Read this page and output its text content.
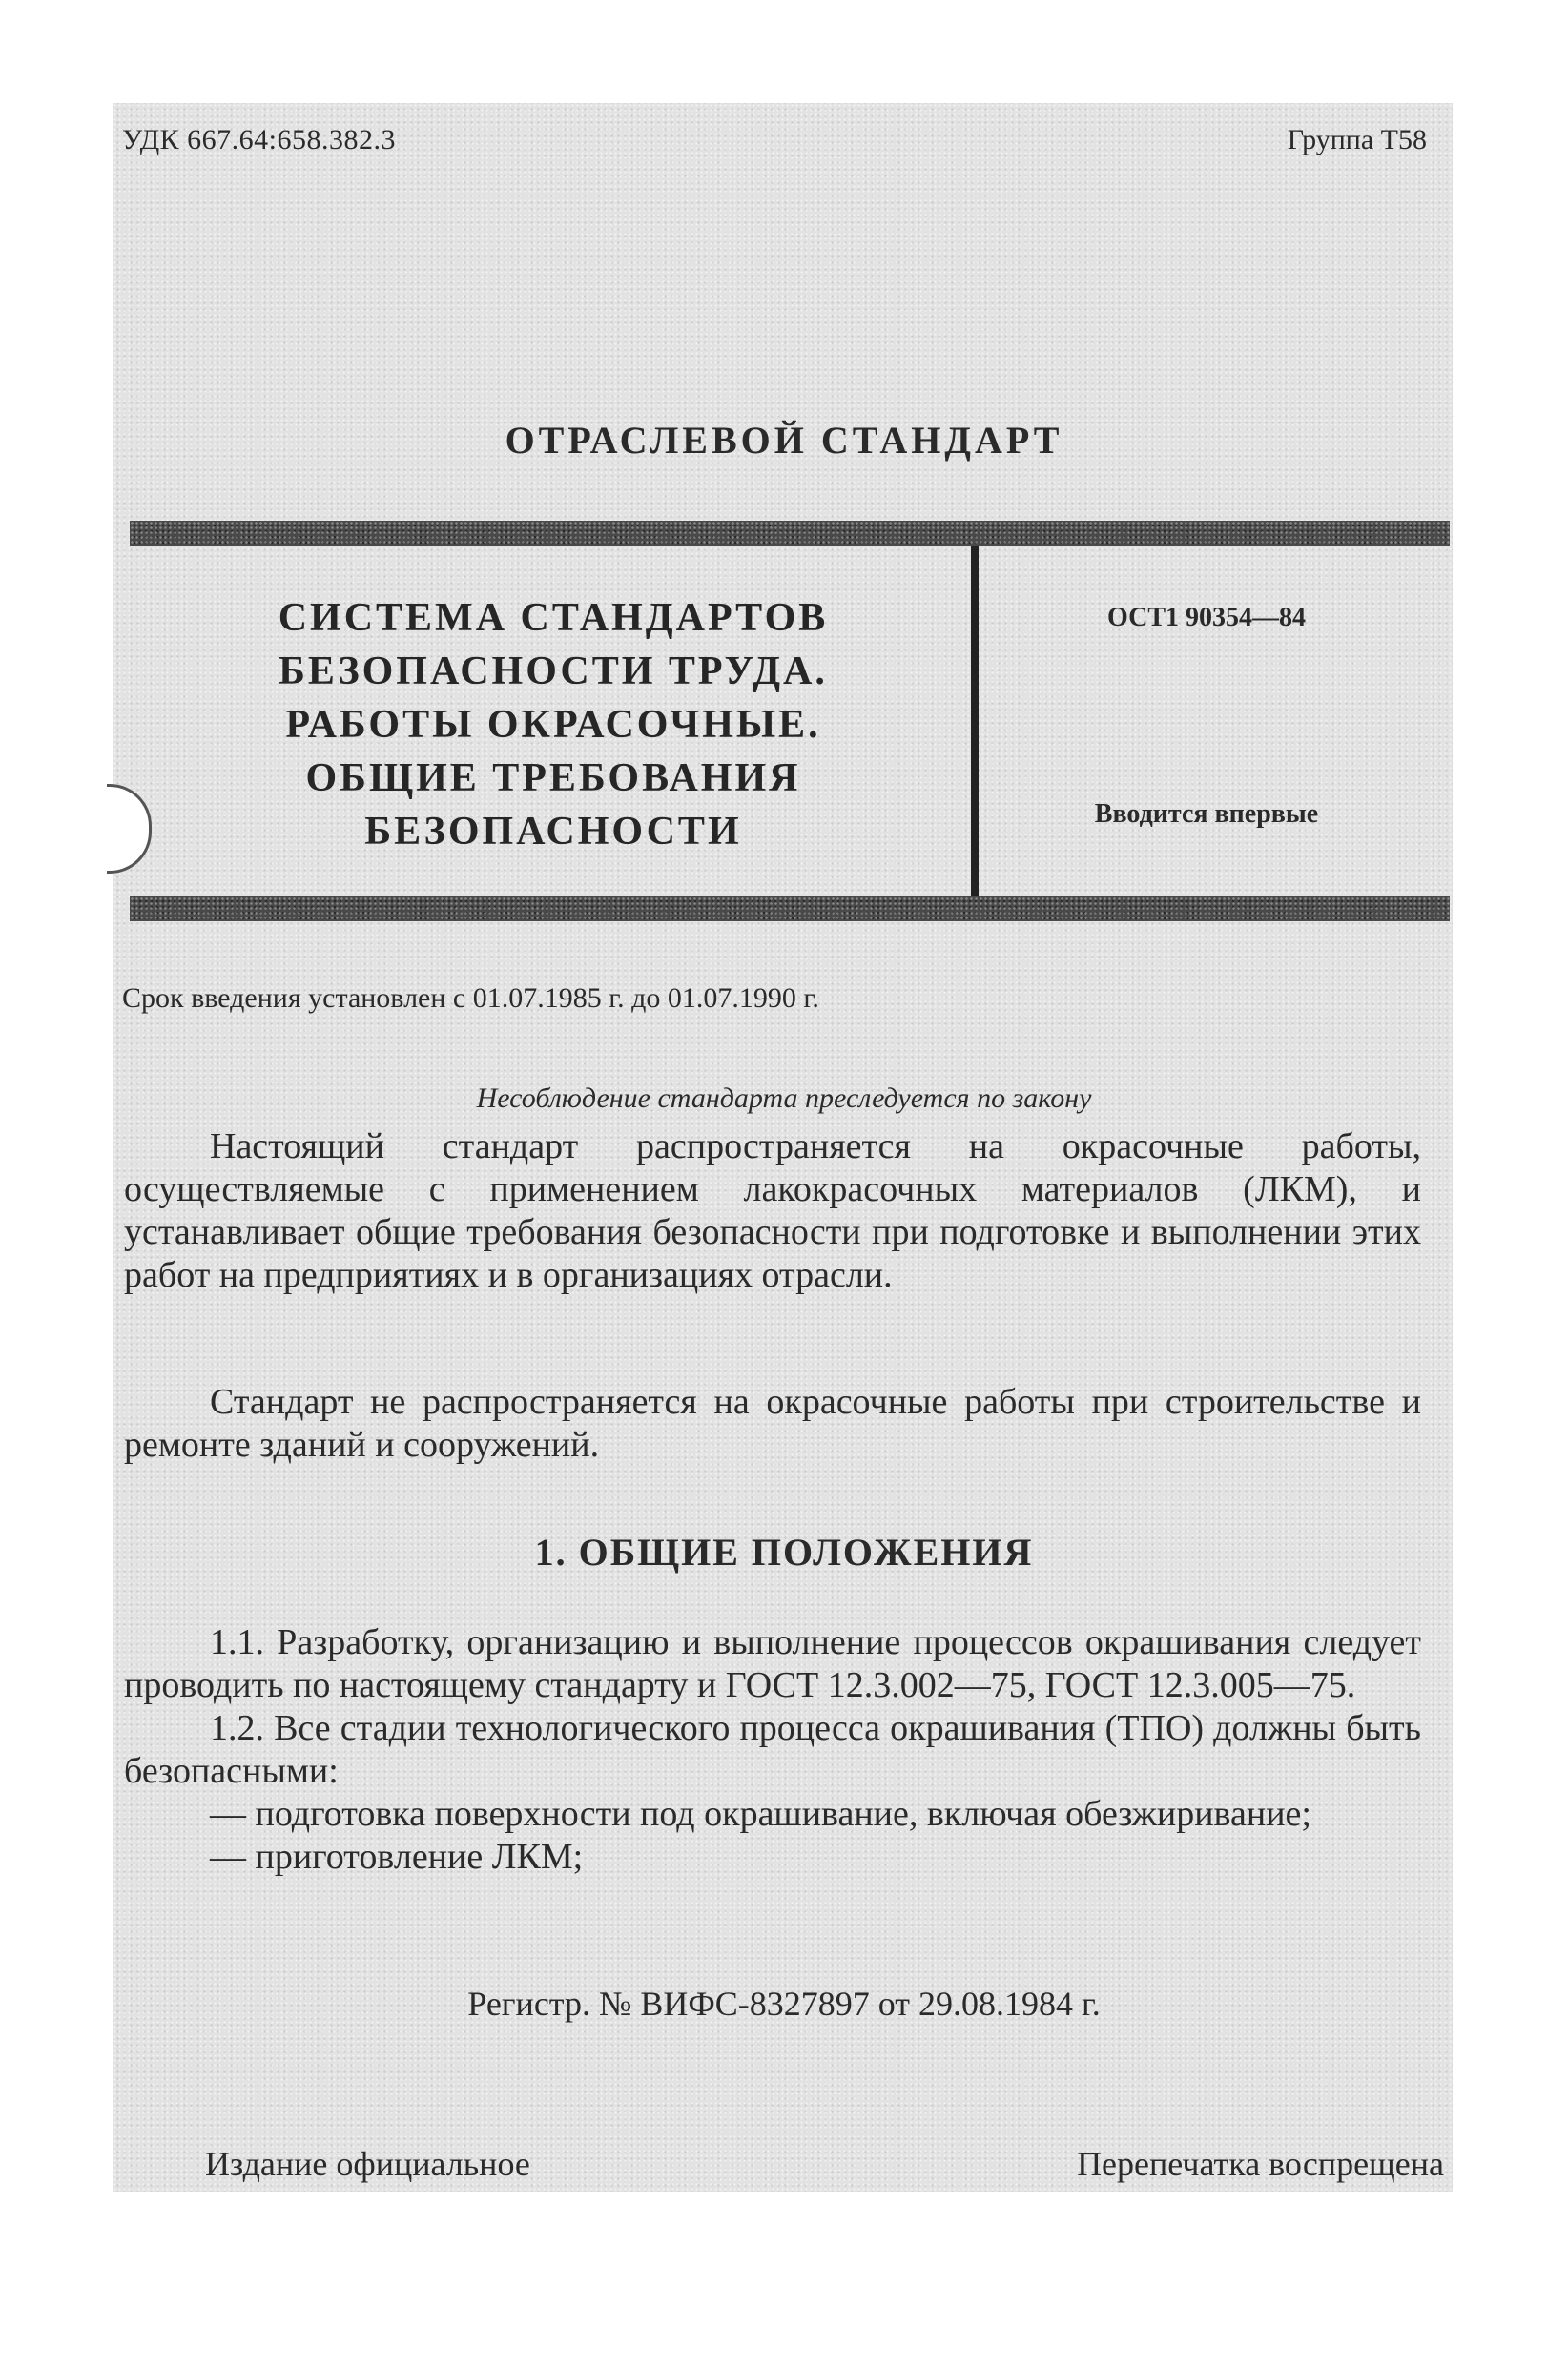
УДК 667.64:658.382.3	Группа Т58
ОТРАСЛЕВОЙ СТАНДАРТ
СИСТЕМА СТАНДАРТОВ
БЕЗОПАСНОСТИ ТРУДА.
РАБОТЫ ОКРАСОЧНЫЕ.
ОБЩИЕ ТРЕБОВАНИЯ
БЕЗОПАСНОСТИ
ОСТ1 90354—84
Вводится впервые
Срок введения установлен с 01.07.1985 г. до 01.07.1990 г.
Несоблюдение стандарта преследуется по закону

Настоящий стандарт распространяется на окрасочные работы, осуществляемые с применением лакокрасочных материалов (ЛКМ), и устанавливает общие требования безопасности при подготовке и выполнении этих работ на предприятиях и в организациях отрасли.

Стандарт не распространяется на окрасочные работы при строительстве и ремонте зданий и сооружений.

1. ОБЩИЕ ПОЛОЖЕНИЯ

1.1. Разработку, организацию и выполнение процессов окрашивания следует проводить по настоящему стандарту и ГОСТ 12.3.002—75, ГОСТ 12.3.005—75.

1.2. Все стадии технологического процесса окрашивания (ТПО) должны быть безопасными:

— подготовка поверхности под окрашивание, включая обезжиривание;

— приготовление ЛКМ;

Регистр. № ВИФС-8327897 от 29.08.1984 г.
Издание официальное	Перепечатка воспрещена
